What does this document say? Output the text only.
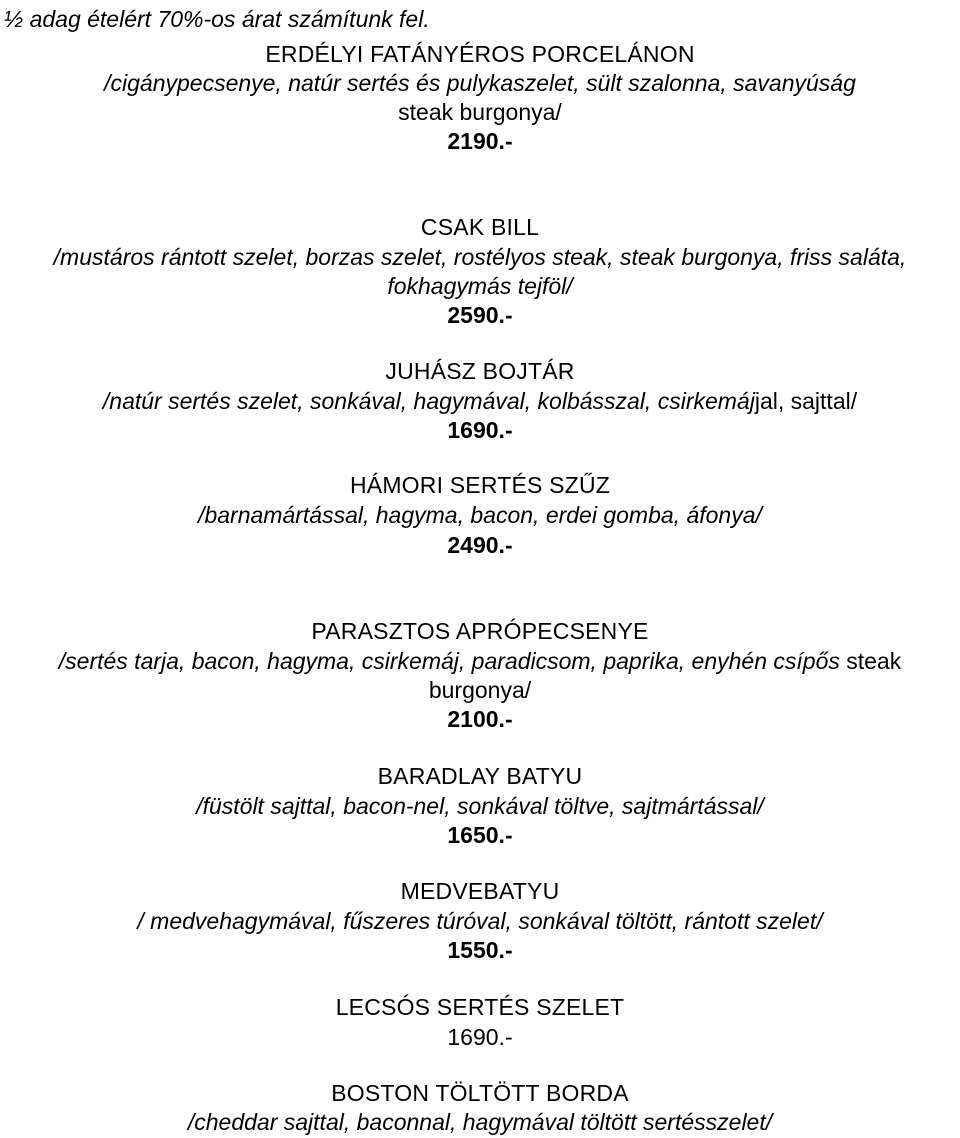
½ adag ételért 70%-os árat számítunk fel.
ERDÉLYI FATÁNYÉROS PORCELÁNON
/cigánypecsenye, natúr sertés és pulykaszelet, sült szalonna, savanyúság
steak burgonya/
2190.-
CSAK BILL
/mustáros rántott szelet, borzas szelet, rostélyos steak, steak burgonya, friss saláta,
fokhagymás tejföl/
2590.-
JUHÁSZ BOJTÁR
/natúr sertés szelet, sonkával, hagymával, kolbásszal, csirkemájjal, sajttal/
1690.-
HÁMORI SERTÉS SZŰZ
/barnamártással, hagyma, bacon, erdei gomba, áfonya/
2490.-
PARASZTOS APRÓPECSENYE
/sertés tarja, bacon, hagyma, csirkemáj, paradicsom, paprika, enyhén csípős steak
burgonya/
2100.-
BARADLAY BATYU
/füstölt sajttal, bacon-nel, sonkával töltve, sajtmártással/
1650.-
MEDVEBATYU
/ medvehagymával, fűszeres túróval, sonkával töltött, rántott szelet/
1550.-
LECSÓS SERTÉS SZELET
1690.-
BOSTON TÖLTÖTT BORDA
/cheddar sajttal, baconnal, hagymával töltött sertésszelet/
